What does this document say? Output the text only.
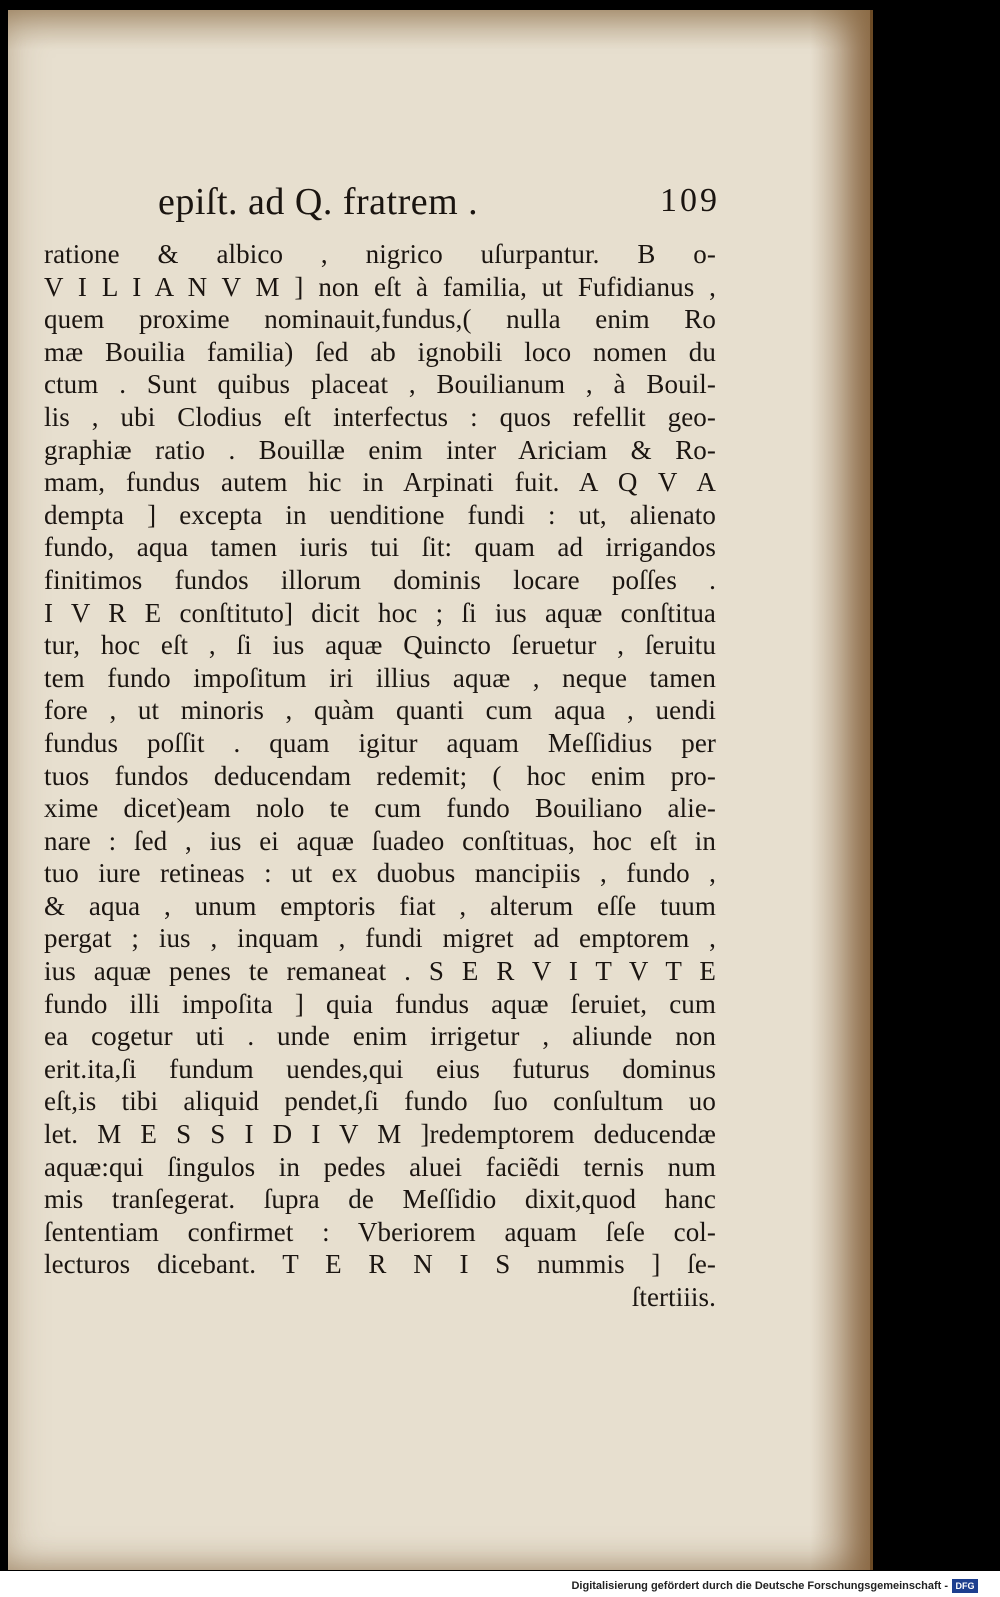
epiſt. ad Q. fratrem .	109
ratione & albico , nigrico uſurpantur. B o-
V I L I A N V M ] non eſt à familia, ut Fufidianus ,
quem proxime nominauit,fundus,( nulla enim Ro
mæ Bouilia familia) ſed ab ignobili loco nomen du
ctum . Sunt quibus placeat , Bouilianum , à Bouil-
lis , ubi Clodius eſt interfectus : quos refellit geo-
graphiæ ratio . Bouillæ enim inter Ariciam & Ro-
mam, fundus autem hic in Arpinati fuit. A Q V A
dempta ] excepta in uenditione fundi : ut, alienato
fundo, aqua tamen iuris tui ſit: quam ad irrigandos
finitimos fundos illorum dominis locare poſſes .
I V R E conſtituto] dicit hoc ; ſi ius aquæ conſtitua
tur, hoc eſt , ſi ius aquæ Quincto ſeruetur , ſeruitu
tem fundo impoſitum iri illius aquæ , neque tamen
fore , ut minoris , quàm quanti cum aqua , uendi
fundus poſſit . quam igitur aquam Meſſidius per
tuos fundos deducendam redemit; ( hoc enim pro-
xime dicet)eam nolo te cum fundo Bouiliano alie-
nare : ſed , ius ei aquæ ſuadeo conſtituas, hoc eſt in
tuo iure retineas : ut ex duobus mancipiis , fundo ,
& aqua , unum emptoris fiat , alterum eſſe tuum
pergat ; ius , inquam , fundi migret ad emptorem ,
ius aquæ penes te remaneat . S E R V I T V T E
fundo illi impoſita ] quia fundus aquæ ſeruiet, cum
ea cogetur uti . unde enim irrigetur , aliunde non
erit.ita,ſi fundum uendes,qui eius futurus dominus
eſt,is tibi aliquid pendet,ſi fundo ſuo conſultum uo
let. M E S S I D I V M ]redemptorem deducendæ
aquæ:qui ſingulos in pedes aluei faciẽdi ternis num
mis tranſegerat. ſupra de Meſſidio dixit,quod hanc
ſententiam confirmet : Vberiorem aquam ſeſe col-
lecturos dicebant. T E R N I S nummis ] ſe-
ſtertiiis.
Digitalisierung gefördert durch die Deutsche Forschungsgemeinschaft - DFG
